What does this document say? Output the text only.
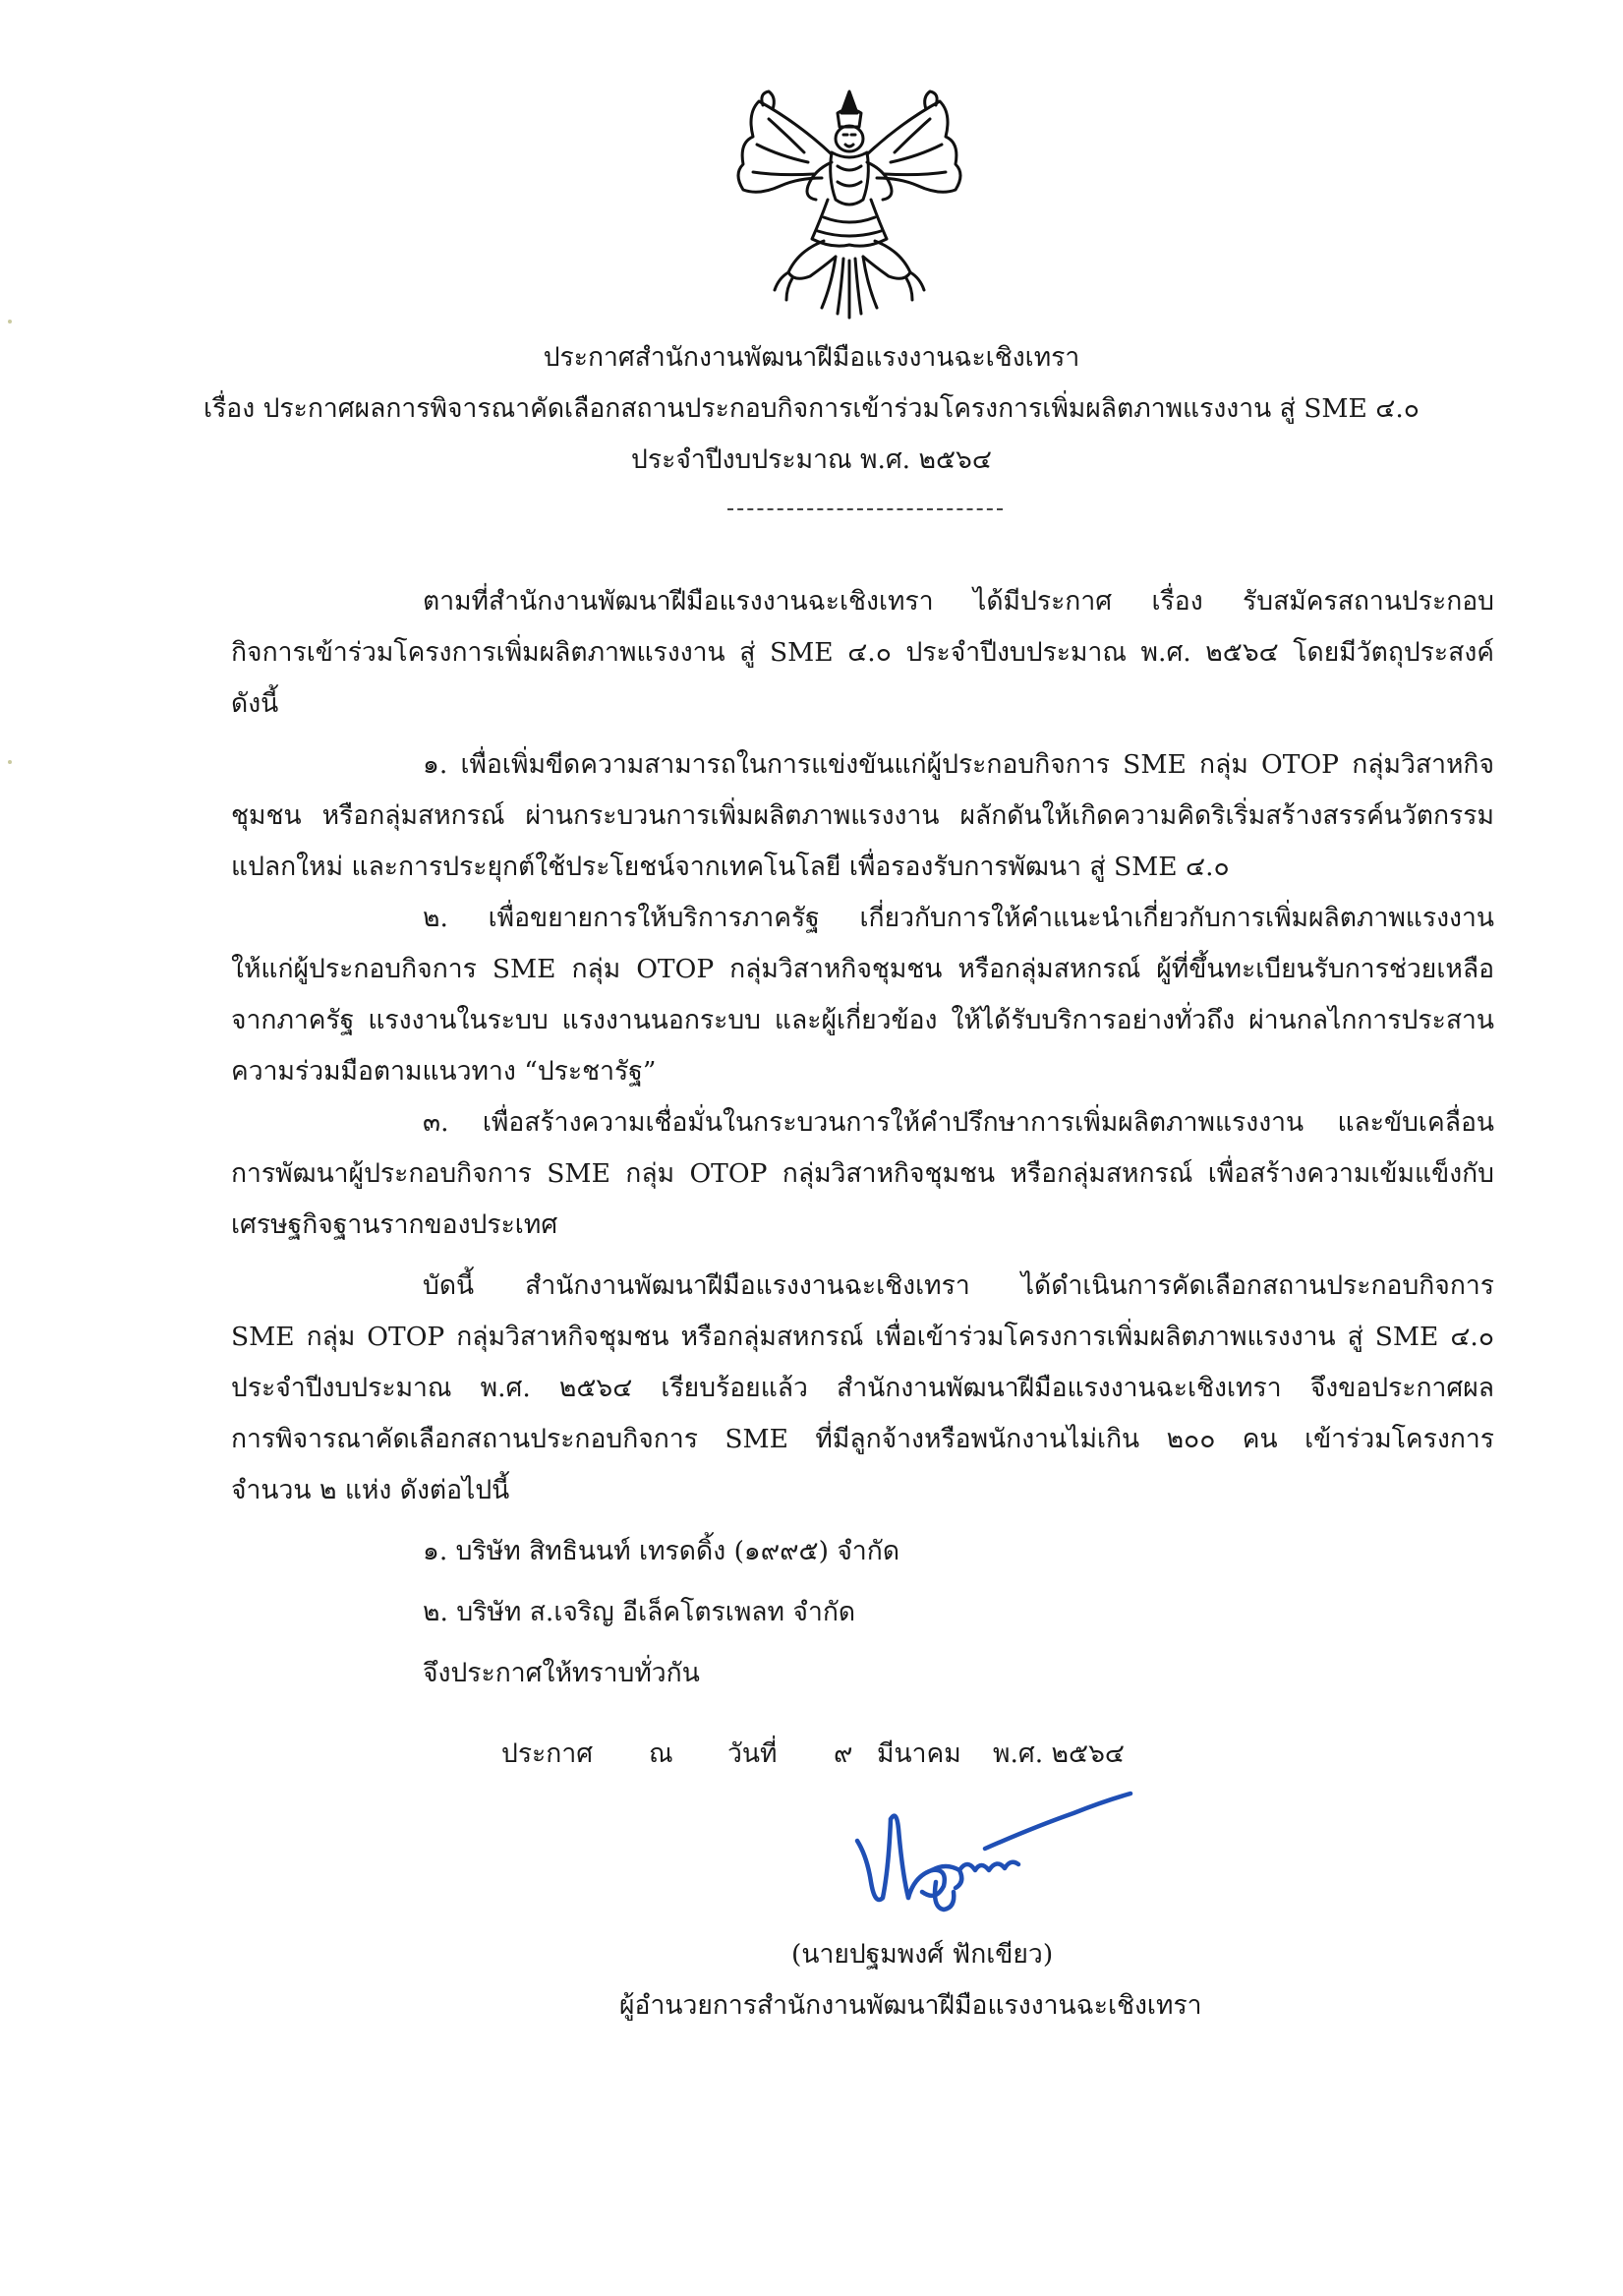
ประกาศสำนักงานพัฒนาฝีมือแรงงานฉะเชิงเทรา
เรื่อง ประกาศผลการพิจารณาคัดเลือกสถานประกอบกิจการเข้าร่วมโครงการเพิ่มผลิตภาพแรงงาน สู่ SME ๔.๐
ประจำปีงบประมาณ พ.ศ. ๒๕๖๔
ตามที่สำนักงานพัฒนาฝีมือแรงงานฉะเชิงเทรา ได้มีประกาศ เรื่อง รับสมัครสถานประกอบ
กิจการเข้าร่วมโครงการเพิ่มผลิตภาพแรงงาน สู่ SME ๔.๐ ประจำปีงบประมาณ พ.ศ. ๒๕๖๔ โดยมีวัตถุประสงค์
ดังนี้
๑. เพื่อเพิ่มขีดความสามารถในการแข่งขันแก่ผู้ประกอบกิจการ SME กลุ่ม OTOP กลุ่มวิสาหกิจ
ชุมชน หรือกลุ่มสหกรณ์ ผ่านกระบวนการเพิ่มผลิตภาพแรงงาน ผลักดันให้เกิดความคิดริเริ่มสร้างสรรค์นวัตกรรม
แปลกใหม่ และการประยุกต์ใช้ประโยชน์จากเทคโนโลยี เพื่อรองรับการพัฒนา สู่ SME ๔.๐
๒. เพื่อขยายการให้บริการภาครัฐ เกี่ยวกับการให้คำแนะนำเกี่ยวกับการเพิ่มผลิตภาพแรงงาน
ให้แก่ผู้ประกอบกิจการ SME กลุ่ม OTOP กลุ่มวิสาหกิจชุมชน หรือกลุ่มสหกรณ์ ผู้ที่ขึ้นทะเบียนรับการช่วยเหลือ
จากภาครัฐ แรงงานในระบบ แรงงานนอกระบบ และผู้เกี่ยวข้อง ให้ได้รับบริการอย่างทั่วถึง ผ่านกลไกการประสาน
ความร่วมมือตามแนวทาง “ประชารัฐ”
๓. เพื่อสร้างความเชื่อมั่นในกระบวนการให้คำปรึกษาการเพิ่มผลิตภาพแรงงาน และขับเคลื่อน
การพัฒนาผู้ประกอบกิจการ SME กลุ่ม OTOP กลุ่มวิสาหกิจชุมชน หรือกลุ่มสหกรณ์ เพื่อสร้างความเข้มแข็งกับ
เศรษฐกิจฐานรากของประเทศ
บัดนี้ สำนักงานพัฒนาฝีมือแรงงานฉะเชิงเทรา ได้ดำเนินการคัดเลือกสถานประกอบกิจการ
SME กลุ่ม OTOP กลุ่มวิสาหกิจชุมชน หรือกลุ่มสหกรณ์ เพื่อเข้าร่วมโครงการเพิ่มผลิตภาพแรงงาน สู่ SME ๔.๐
ประจำปีงบประมาณ พ.ศ. ๒๕๖๔ เรียบร้อยแล้ว สำนักงานพัฒนาฝีมือแรงงานฉะเชิงเทรา จึงขอประกาศผล
การพิจารณาคัดเลือกสถานประกอบกิจการ SME ที่มีลูกจ้างหรือพนักงานไม่เกิน ๒๐๐ คน เข้าร่วมโครงการ
จำนวน ๒ แห่ง ดังต่อไปนี้
๑. บริษัท สิทธินนท์ เทรดดิ้ง (๑๙๙๕) จำกัด
๒. บริษัท ส.เจริญ อีเล็คโตรเพลท จำกัด
จึงประกาศให้ทราบทั่วกัน
ประกาศ ณ วันที่ ๙ มีนาคม พ.ศ. ๒๕๖๔
(นายปฐมพงศ์ ฟักเขียว)
ผู้อำนวยการสำนักงานพัฒนาฝีมือแรงงานฉะเชิงเทรา
